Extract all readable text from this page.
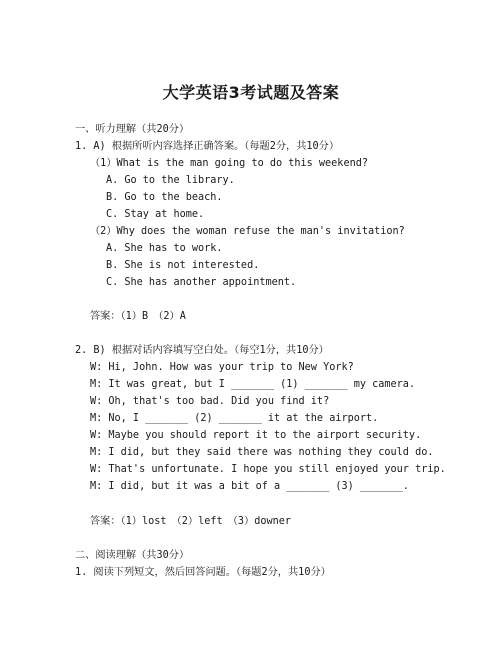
大学英语3考试题及答案
一、听力理解（共20分）
1. A) 根据所听内容选择正确答案。（每题2分，共10分）
（1）What is the man going to do this weekend?
A. Go to the library.
B. Go to the beach.
C. Stay at home.
（2）Why does the woman refuse the man's invitation?
A. She has to work.
B. She is not interested.
C. She has another appointment.
答案：（1）B　（2）A
2. B) 根据对话内容填写空白处。（每空1分，共10分）
W: Hi, John. How was your trip to New York?
M: It was great, but I _______ (1) _______ my camera.
W: Oh, that's too bad. Did you find it?
M: No, I _______ (2) _______ it at the airport.
W: Maybe you should report it to the airport security.
M: I did, but they said there was nothing they could do.
W: That's unfortunate. I hope you still enjoyed your trip.
M: I did, but it was a bit of a _______ (3) _______.
答案：（1）lost　（2）left　（3）downer
二、阅读理解（共30分）
1. 阅读下列短文，然后回答问题。（每题2分，共10分）
